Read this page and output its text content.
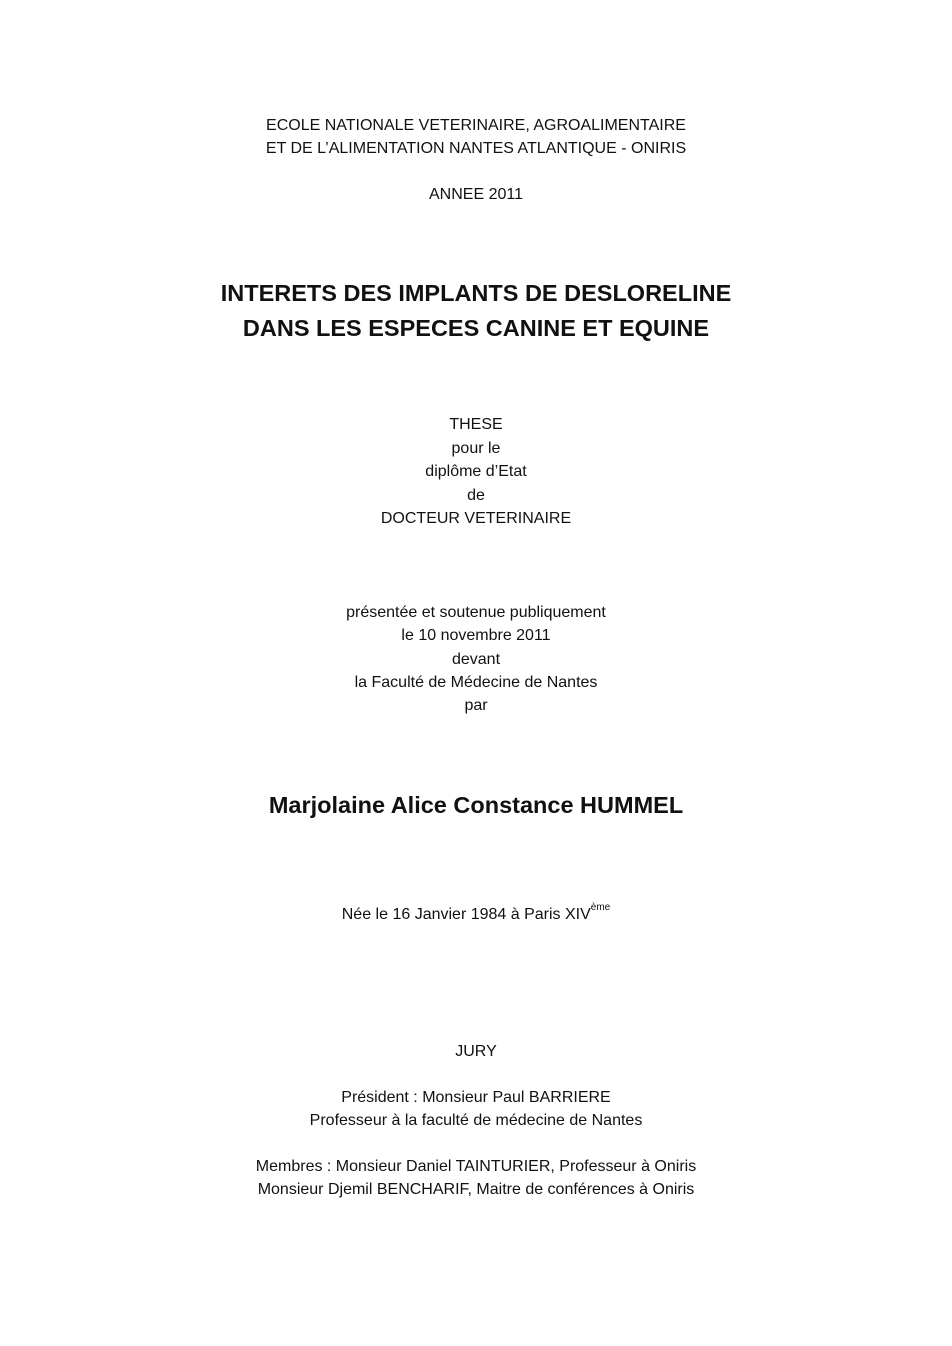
ECOLE NATIONALE VETERINAIRE, AGROALIMENTAIRE
ET DE L’ALIMENTATION NANTES ATLANTIQUE - ONIRIS
ANNEE 2011
INTERETS DES IMPLANTS DE DESLORELINE
DANS LES ESPECES CANINE ET EQUINE
THESE
pour le
diplôme d’Etat
de
DOCTEUR VETERINAIRE
présentée et soutenue publiquement
le 10 novembre 2011
devant
la Faculté de Médecine de Nantes
par
Marjolaine Alice Constance HUMMEL
Née le 16 Janvier 1984 à Paris XIVème
JURY
Président : Monsieur Paul BARRIERE
Professeur à la faculté de médecine de Nantes
Membres : Monsieur Daniel TAINTURIER, Professeur à Oniris
Monsieur Djemil BENCHARIF, Maitre de conférences à Oniris
